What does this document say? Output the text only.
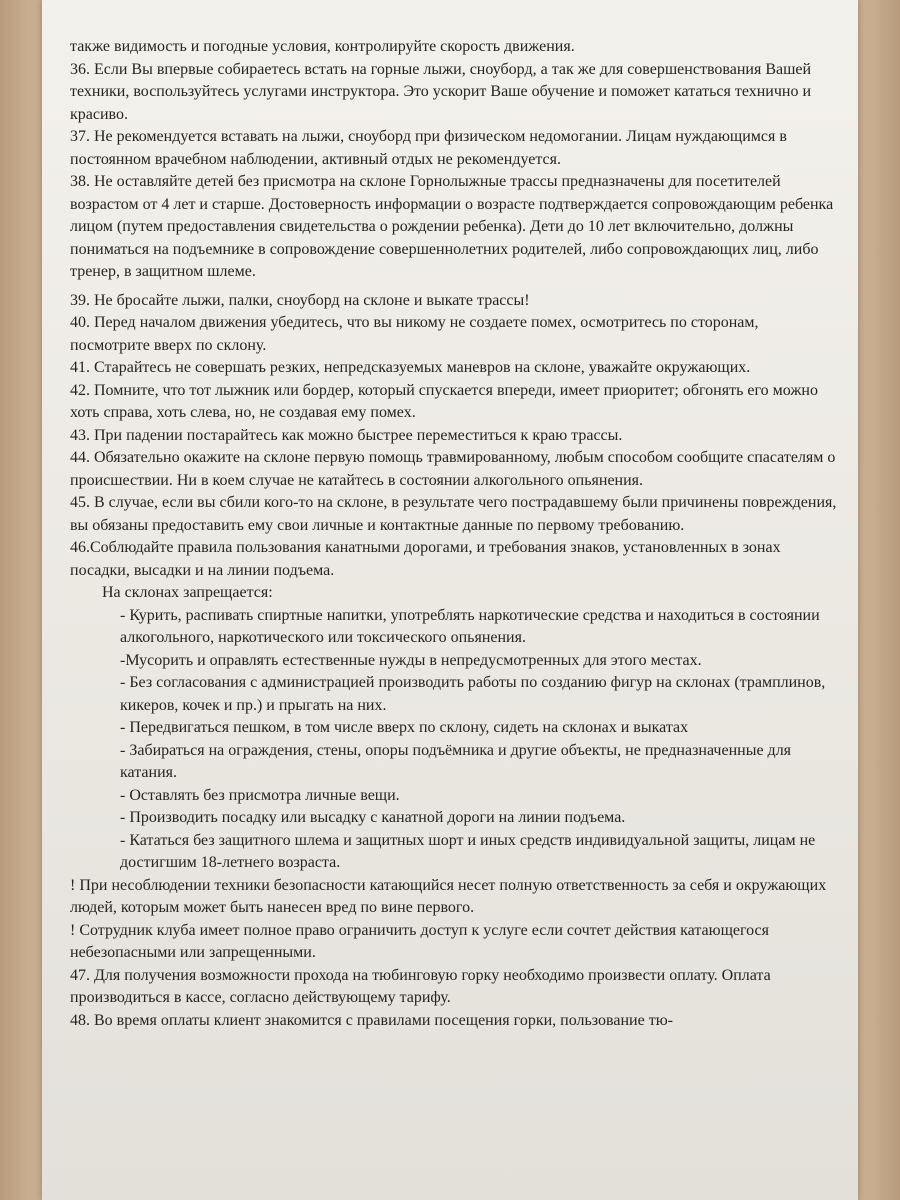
также видимость и погодные условия, контролируйте скорость движения.

36. Если Вы впервые собираетесь встать на горные лыжи, сноуборд, а так же для совершенствования Вашей техники, воспользуйтесь услугами инструктора. Это ускорит Ваше обучение и поможет кататься технично и красиво.

37. Не рекомендуется вставать на лыжи, сноуборд при физическом недомогании. Лицам нуждающимся в постоянном врачебном наблюдении, активный отдых не рекомендуется.

38. Не оставляйте детей без присмотра на склоне Горнолыжные трассы предназначены для посетителей возрастом от 4 лет и старше. Достоверность информации о возрасте подтверждается сопровождающим ребенка лицом (путем предоставления свидетельства о рождении ребенка). Дети до 10 лет включительно, должны пониматься на подъемнике в сопровождение совершеннолетних родителей, либо сопровождающих лиц, либо тренер, в защитном шлеме.

39. Не бросайте лыжи, палки, сноуборд на склоне и выкате трассы!

40. Перед началом движения убедитесь, что вы никому не создаете помех, осмотритесь по сторонам, посмотрите вверх по склону.

41. Старайтесь не совершать резких, непредсказуемых маневров на склоне, уважайте окружающих.

42. Помните, что тот лыжник или бордер, который спускается впереди, имеет приоритет; обгонять его можно хоть справа, хоть слева, но, не создавая ему помех.

43. При падении постарайтесь как можно быстрее переместиться к краю трассы.

44. Обязательно окажите на склоне первую помощь травмированному, любым способом сообщите спасателям о происшествии. Ни в коем случае не катайтесь в состоянии алкогольного опьянения.

45. В случае, если вы сбили кого-то на склоне, в результате чего пострадавшему были причинены повреждения, вы обязаны предоставить ему свои личные и контактные данные по первому требованию.

46.Соблюдайте правила пользования канатными дорогами, и требования знаков, установленных в зонах посадки, высадки и на линии подъема.

На склонах запрещается:

- Курить, распивать спиртные напитки, употреблять наркотические средства и находиться в состоянии алкогольного, наркотического или токсического опьянения.

-Мусорить и оправлять естественные нужды в непредусмотренных для этого местах.

- Без согласования с администрацией производить работы по созданию фигур на склонах (трамплинов, кикеров, кочек и пр.) и прыгать на них.

- Передвигаться пешком, в том числе вверх по склону, сидеть на склонах и выкатах

- Забираться на ограждения, стены, опоры подъёмника и другие объекты, не предназначенные для катания.

- Оставлять без присмотра личные вещи.

- Производить посадку или высадку с канатной дороги на линии подъема.

- Кататься без защитного шлема и защитных шорт и иных средств индивидуальной защиты, лицам не достигшим 18-летнего возраста.

! При несоблюдении техники безопасности катающийся несет полную ответственность за себя и окружающих людей, которым может быть нанесен вред по вине первого.

! Сотрудник клуба имеет полное право ограничить доступ к услуге если сочтет действия катающегося небезопасными или запрещенными.

47. Для получения возможности прохода на тюбинговую горку необходимо произвести оплату. Оплата производиться в кассе, согласно действующему тарифу.

48. Во время оплаты клиент знакомится с правилами посещения горки, пользование тю-
